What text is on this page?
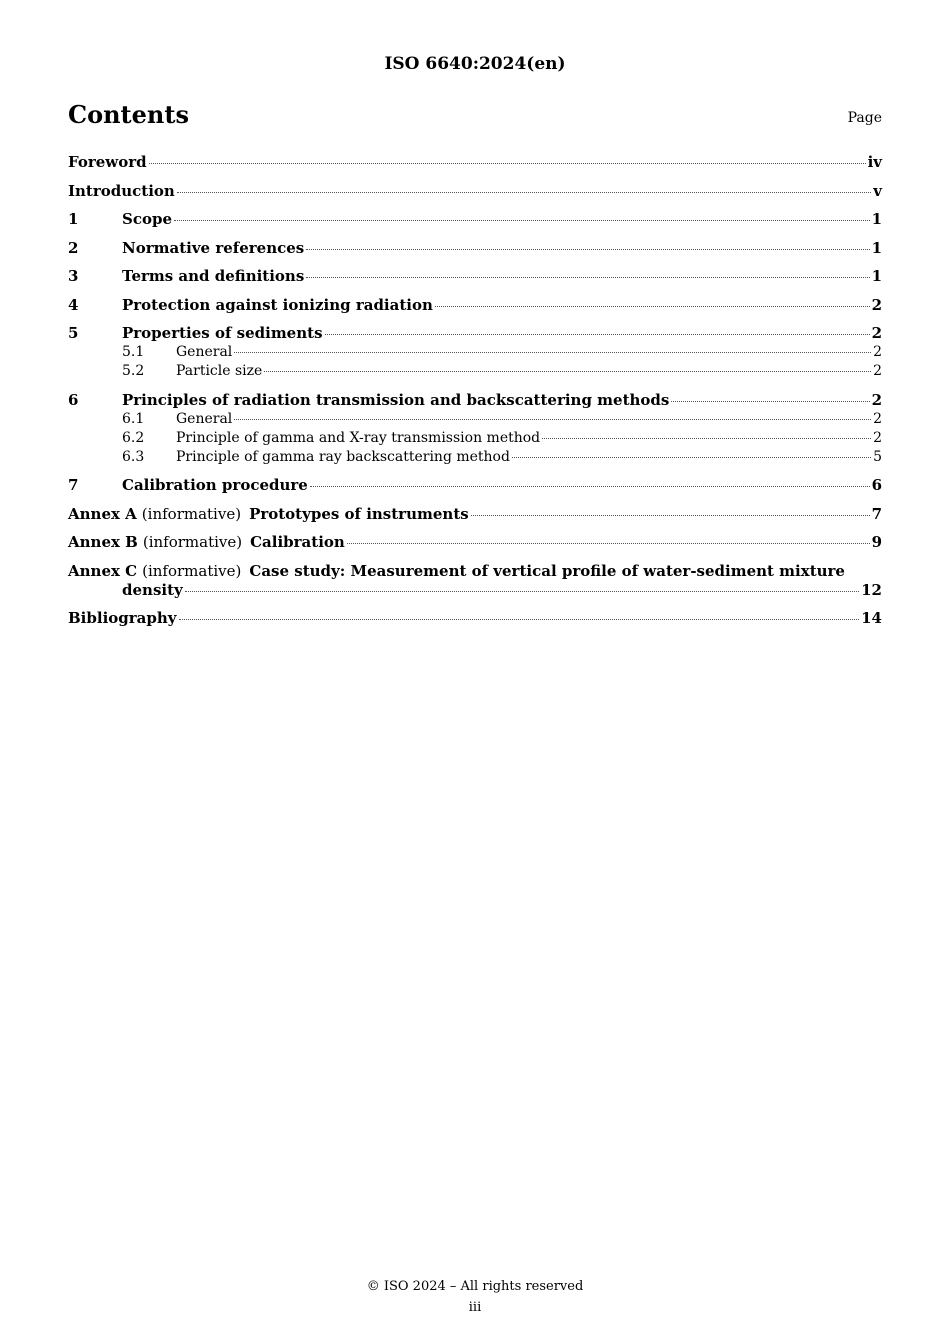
ISO 6640:2024(en)
Contents	Page
Foreword	iv
Introduction	v
1	Scope	1
2	Normative references	1
3	Terms and definitions	1
4	Protection against ionizing radiation	2
5	Properties of sediments	2
5.1	General	2
5.2	Particle size	2
6	Principles of radiation transmission and backscattering methods	2
6.1	General	2
6.2	Principle of gamma and X-ray transmission method	2
6.3	Principle of gamma ray backscattering method	5
7	Calibration procedure	6
Annex A (informative) Prototypes of instruments	7
Annex B (informative) Calibration	9
Annex C (informative) Case study: Measurement of vertical profile of water-sediment mixture
density	12
Bibliography	14
© ISO 2024 – All rights reserved
iii
